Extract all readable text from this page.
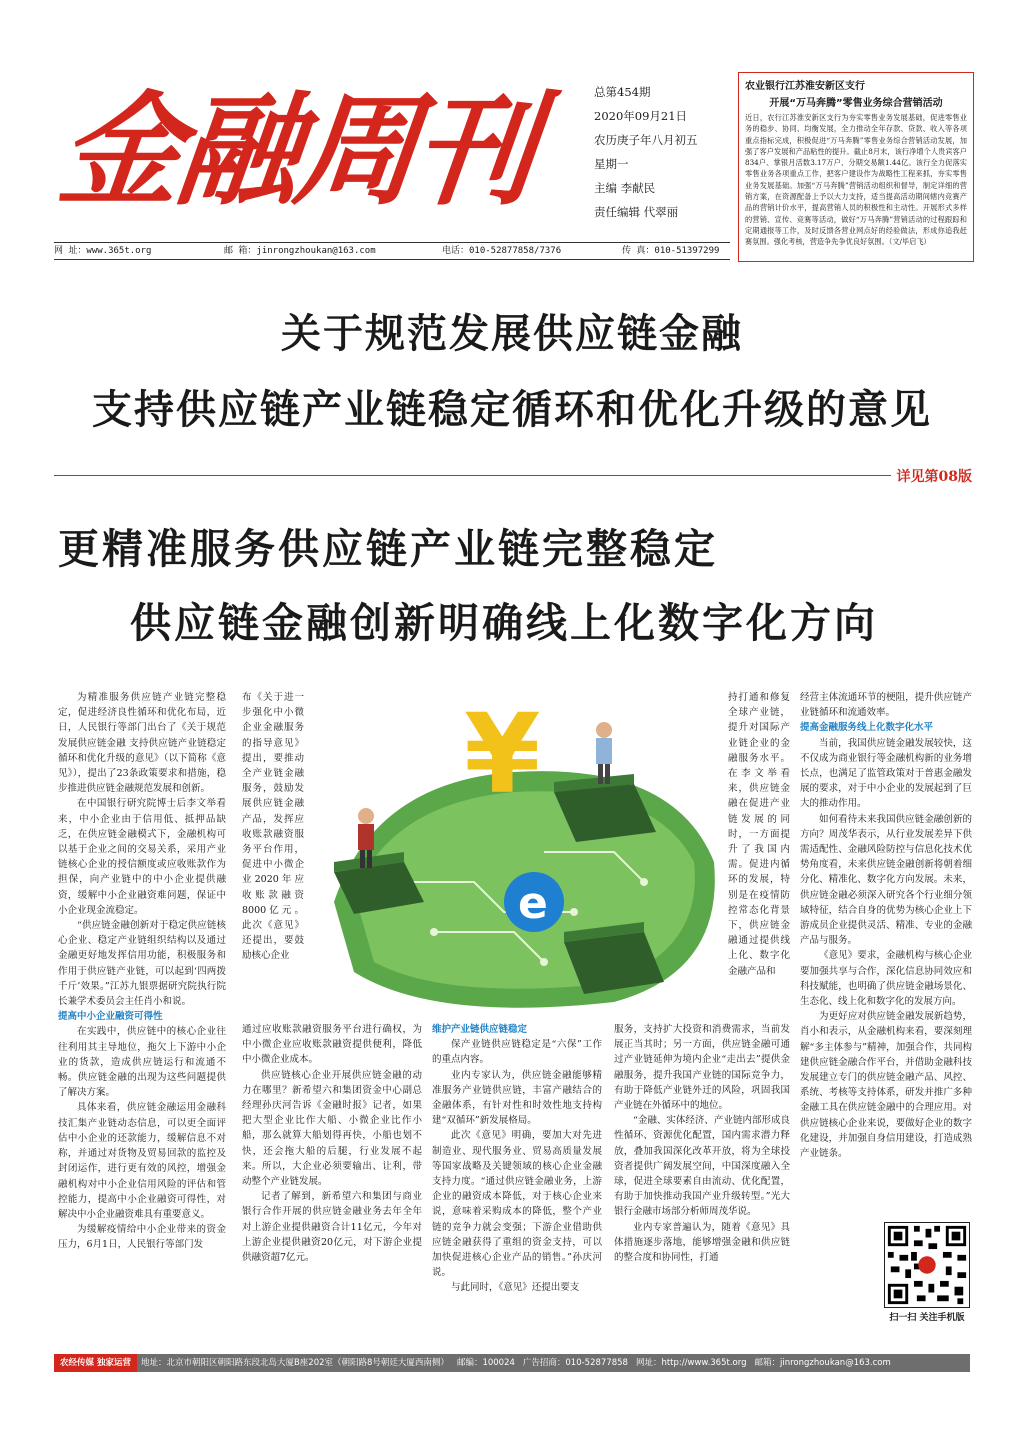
金融周刊	总第454期
2020年09月21日
农历庚子年八月初五
星期一
主编 李献民
责任编辑 代翠丽
农业银行江苏淮安新区支行
开展“万马奔腾”零售业务综合营销活动
近日，农行江苏淮安新区支行为夯实零售业务发展基础，促进零售业务的稳步、协同、均衡发展，全力推动全年存款、贷款、收入等各项重点指标完成，积极促进“万马奔腾”零售业务综合营销活动发展，加强了客户发展和产品粘性的提升。截止8月末，该行净增个人贵宾客户834户、掌银月活数3.17万户、分期交易额1.44亿。该行全力促落实零售业务各项重点工作，把客户建设作为战略性工程来抓，夯实零售业务发展基础。加强“万马奔腾”营销活动组织和督导，制定详细的营销方案，在资源配备上予以大力支持，适当提高活动期间辖内竞赛产品的营销计价水平，提高营销人员的积极性和主动性。开展形式多样的营销、宣传、竞赛等活动，做好“万马奔腾”营销活动的过程跟踪和定期通报等工作，及时反馈各营业网点好的经验做法，形成你追我赶赛氛围。强化考核，营造争先争优良好氛围。（文/毕启飞）
网 址：www.365t.org	邮 箱：jinrongzhoukan@163.com	电话：010-52877858/7376	传 真：010-51397299
关于规范发展供应链金融
支持供应链产业链稳定循环和优化升级的意见
详见第08版
更精准服务供应链产业链完整稳定
供应链金融创新明确线上化数字化方向

为精准服务供应链产业链完整稳定，促进经济良性循环和优化布局，近日，人民银行等部门出台了《关于规范发展供应链金融 支持供应链产业链稳定循环和优化升级的意见》（以下简称《意见》），提出了23条政策要求和措施，稳步推进供应链金融规范发展和创新。

在中国银行研究院博士后李文举看来，中小企业由于信用低、抵押品缺乏，在供应链金融模式下，金融机构可以基于企业之间的交易关系，采用产业链核心企业的授信额度或应收账款作为担保，向产业链中的中小企业提供融资，缓解中小企业融资难问题，保证中小企业现金流稳定。

“供应链金融创新对于稳定供应链核心企业、稳定产业链组织结构以及通过金融更好地发挥信用功能，积极服务和作用于供应链产业链，可以起到‘四两拨千斤’效果。”江苏九银票据研究院执行院长兼学术委员会主任肖小和说。

提高中小企业融资可得性

在实践中，供应链中的核心企业往往利用其主导地位，拖欠上下游中小企业的货款，造成供应链运行和流通不畅。供应链金融的出现为这些问题提供了解决方案。

具体来看，供应链金融运用金融科技汇集产业链动态信息，可以更全面评估中小企业的还款能力，缓解信息不对称，并通过对货物及贸易回款的监控及封闭运作，进行更有效的风控，增强金融机构对中小企业信用风险的评估和管控能力，提高中小企业融资可得性，对解决中小企业融资难具有重要意义。

为缓解疫情给中小企业带来的资金压力，6月1日，人民银行等部门发

布《关于进一步强化中小微企业金融服务的指导意见》提出，要推动全产业链金融服务，鼓励发展供应链金融产品，发挥应收账款融资服务平台作用，促进中小微企业2020年应收账款融资8000亿元。此次《意见》还提出，要鼓励核心企业

¥
e

通过应收账款融资服务平台进行确权，为中小微企业应收账款融资提供便利，降低中小微企业成本。

供应链核心企业开展供应链金融的动力在哪里？新希望六和集团资金中心副总经理孙庆河告诉《金融时报》记者，如果把大型企业比作大船、小微企业比作小船，那么就算大船划得再快，小船也划不快，还会拖大船的后腿，行业发展不起来。所以，大企业必须要输出、让利，带动整个产业链发展。

记者了解到，新希望六和集团与商业银行合作开展的供应链金融业务去年全年对上游企业提供融资合计11亿元，今年对上游企业提供融资20亿元，对下游企业提供融资超7亿元。

维护产业链供应链稳定

保产业链供应链稳定是“六保”工作的重点内容。

业内专家认为，供应链金融能够精准服务产业链供应链，丰富产融结合的金融体系，有针对性和时效性地支持构建“双循环”新发展格局。

此次《意见》明确，要加大对先进制造业、现代服务业、贸易高质量发展等国家战略及关键领域的核心企业金融支持力度。“通过供应链金融业务，上游企业的融资成本降低，对于核心企业来说，意味着采购成本的降低，整个产业链的竞争力就会变强；下游企业借助供应链金融获得了重组的资金支持，可以加快促进核心企业产品的销售。”孙庆河说。

与此同时，《意见》还提出要支

持打通和修复全球产业链，提升对国际产业链企业的金融服务水平。在李文举看来，供应链金融在促进产业链发展的同时，一方面提升了我国内需。促进内循环的发展，特别是在疫情防控常态化背景下，供应链金融通过提供线上化、数字化金融产品和

服务，支持扩大投资和消费需求，当前发展正当其时；另一方面，供应链金融可通过产业链延伸为境内企业“走出去”提供金融服务，提升我国产业链的国际竞争力，有助于降低产业链外迁的风险，巩固我国产业链在外循环中的地位。

“金融、实体经济、产业链内部形成良性循环、资源优化配置，国内需求潜力释放，叠加我国深化改革开放，将为全球投资者提供广阔发展空间，中国深度融入全球，促进全球要素自由流动、优化配置，有助于加快推动我国产业升级转型。”光大银行金融市场部分析师周茂华说。

业内专家普遍认为，随着《意见》具体措施逐步落地，能够增强金融和供应链的整合度和协同性，打通

经营主体流通环节的梗阻，提升供应链产业链循环和流通效率。

提高金融服务线上化数字化水平

当前，我国供应链金融发展较快，这不仅成为商业银行等金融机构新的业务增长点，也满足了监管政策对于普惠金融发展的要求，对于中小企业的发展起到了巨大的推动作用。

如何看待未来我国供应链金融创新的方向？周茂华表示，从行业发展差异下供需适配性、金融风险防控与信息化技术优势角度看，未来供应链金融创新将朝着细分化、精准化、数字化方向发展。未来，供应链金融必须深入研究各个行业细分领域特征，结合自身的优势为核心企业上下游成员企业提供灵活、精准、专业的金融产品与服务。

《意见》要求，金融机构与核心企业要加强共享与合作，深化信息协同效应和科技赋能，也明确了供应链金融场景化、生态化、线上化和数字化的发展方向。

为更好应对供应链金融发展新趋势，肖小和表示，从金融机构来看，要深刻理解“多主体参与”精神，加强合作，共同构建供应链金融合作平台，并借助金融科技发展建立专门的供应链金融产品、风控、系统、考核等支持体系，研发并推广多种金融工具在供应链金融中的合理应用。对供应链核心企业来说，要做好企业的数字化建设，并加强自身信用建设，打造成熟产业链条。

扫一扫 关注手机版
农经传媒 独家运营	地址：北京市朝阳区朝阳路东段北岛大厦B座202室（朝阳路8号朝廷大厦西南侧） 邮编：100024 广告招商：010-52877858 网址：http://www.365t.org 邮箱：jinrongzhoukan@163.com
